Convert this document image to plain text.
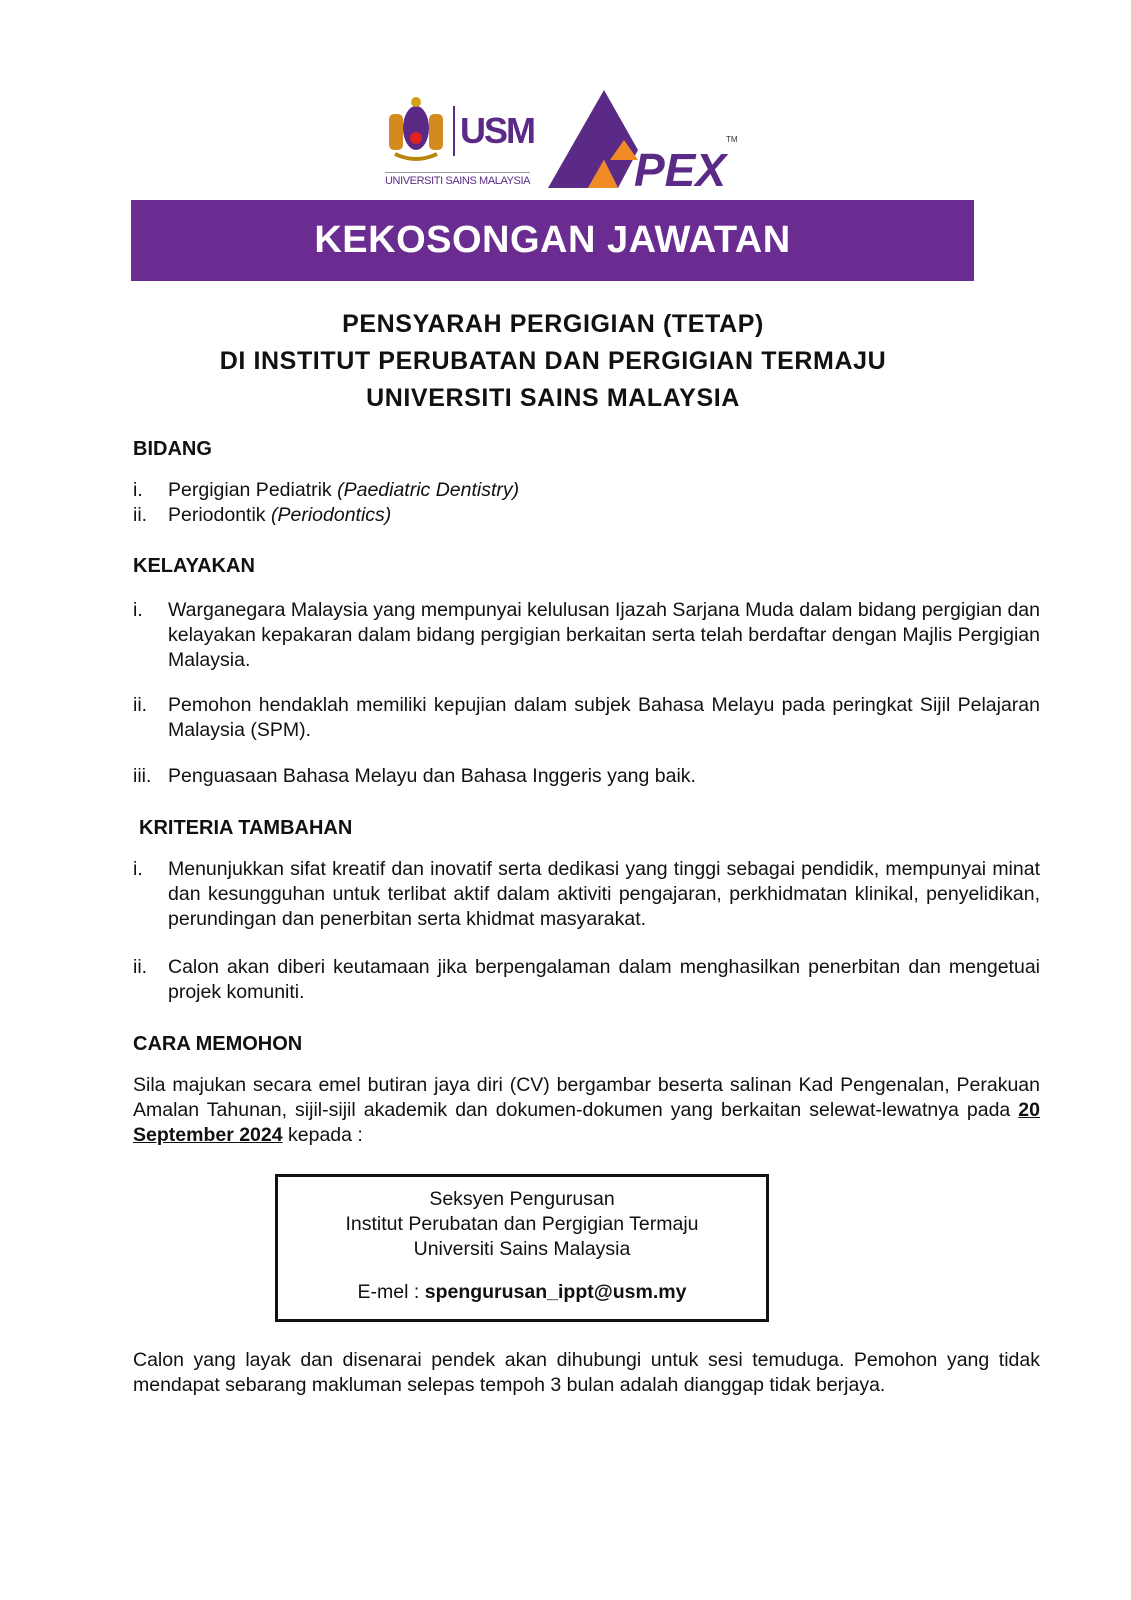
USM
UNIVERSITI SAINS MALAYSIA PEX
TM
KEKOSONGAN JAWATAN
PENSYARAH PERGIGIAN (TETAP)
DI INSTITUT PERUBATAN DAN PERGIGIAN TERMAJU
UNIVERSITI SAINS MALAYSIA
BIDANG
i. Pergigian Pediatrik (Paediatric Dentistry)
ii. Periodontik (Periodontics)
KELAYAKAN
i. Warganegara Malaysia yang mempunyai kelulusan Ijazah Sarjana Muda dalam bidang pergigian dan kelayakan kepakaran dalam bidang pergigian berkaitan serta telah berdaftar dengan Majlis Pergigian Malaysia.
ii. Pemohon hendaklah memiliki kepujian dalam subjek Bahasa Melayu pada peringkat Sijil Pelajaran Malaysia (SPM).
iii. Penguasaan Bahasa Melayu dan Bahasa Inggeris yang baik.
KRITERIA TAMBAHAN
i. Menunjukkan sifat kreatif dan inovatif serta dedikasi yang tinggi sebagai pendidik, mempunyai minat dan kesungguhan untuk terlibat aktif dalam aktiviti pengajaran, perkhidmatan klinikal, penyelidikan, perundingan dan penerbitan serta khidmat masyarakat.
ii. Calon akan diberi keutamaan jika berpengalaman dalam menghasilkan penerbitan dan mengetuai projek komuniti.
CARA MEMOHON
Sila majukan secara emel butiran jaya diri (CV) bergambar beserta salinan Kad Pengenalan, Perakuan Amalan Tahunan, sijil-sijil akademik dan dokumen-dokumen yang berkaitan selewat-lewatnya pada 20 September 2024 kepada :
Seksyen Pengurusan
Institut Perubatan dan Pergigian Termaju
Universiti Sains Malaysia
E-mel : spengurusan_ippt@usm.my
Calon yang layak dan disenarai pendek akan dihubungi untuk sesi temuduga. Pemohon yang tidak mendapat sebarang makluman selepas tempoh 3 bulan adalah dianggap tidak berjaya.
